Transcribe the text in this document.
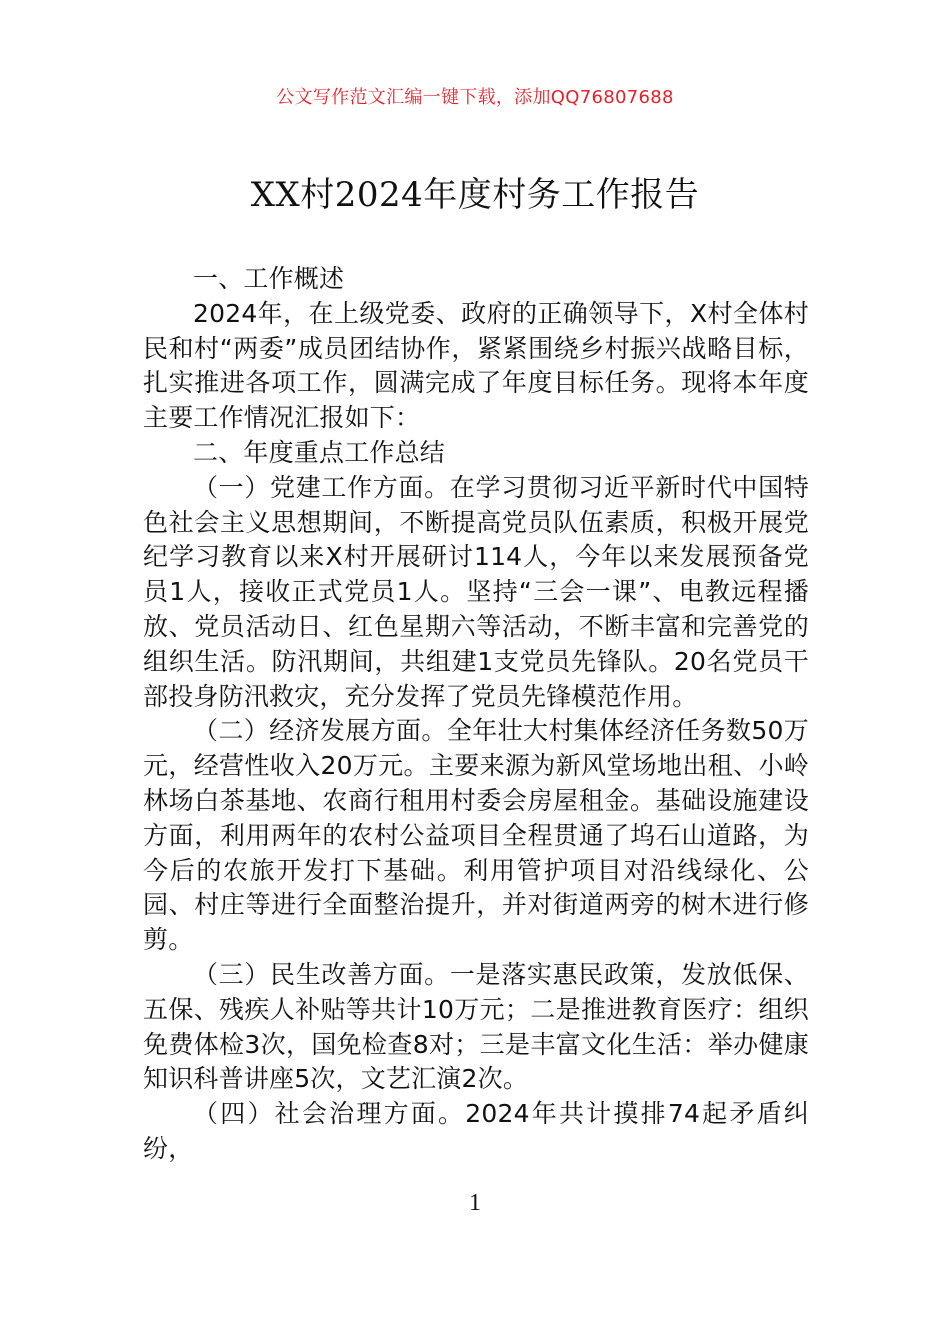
公文写作范文汇编一键下载，添加QQ76807688
XX村2024年度村务工作报告

一、工作概述

2024年，在上级党委、政府的正确领导下，X村全体村民和村“两委”成员团结协作，紧紧围绕乡村振兴战略目标，扎实推进各项工作，圆满完成了年度目标任务。现将本年度主要工作情况汇报如下：

二、年度重点工作总结

（一）党建工作方面。在学习贯彻习近平新时代中国特色社会主义思想期间，不断提高党员队伍素质，积极开展党纪学习教育以来X村开展研讨114人，今年以来发展预备党员1人，接收正式党员1人。坚持“三会一课”、电教远程播放、党员活动日、红色星期六等活动，不断丰富和完善党的组织生活。防汛期间，共组建1支党员先锋队。20名党员干部投身防汛救灾，充分发挥了党员先锋模范作用。

（二）经济发展方面。全年壮大村集体经济任务数50万元，经营性收入20万元。主要来源为新风堂场地出租、小岭林场白茶基地、农商行租用村委会房屋租金。基础设施建设方面，利用两年的农村公益项目全程贯通了坞石山道路，为今后的农旅开发打下基础。利用管护项目对沿线绿化、公园、村庄等进行全面整治提升，并对街道两旁的树木进行修剪。

（三）民生改善方面。一是落实惠民政策，发放低保、五保、残疾人补贴等共计10万元；二是推进教育医疗：组织免费体检3次，国免检查8对；三是丰富文化生活：举办健康知识科普讲座5次，文艺汇演2次。

（四）社会治理方面。2024年共计摸排74起矛盾纠纷，

1
